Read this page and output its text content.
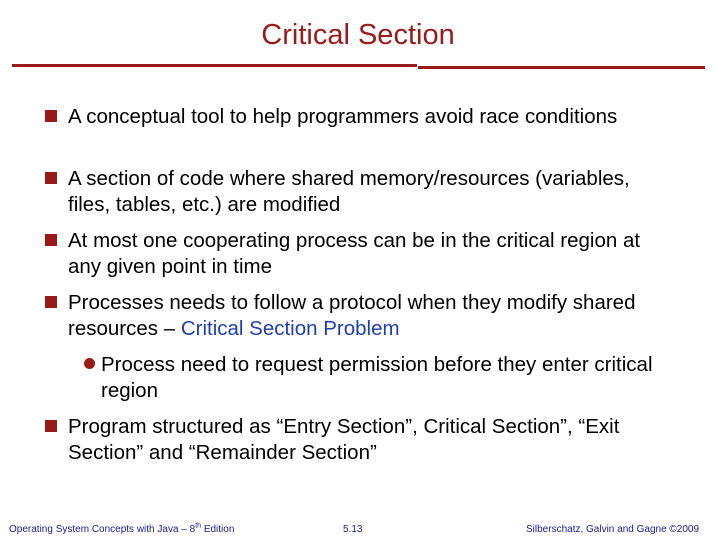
Critical Section
A conceptual tool to help programmers avoid race conditions
A section of code where shared memory/resources (variables, files, tables, etc.) are modified
At most one cooperating process can be in the critical region at any given point in time
Processes needs to follow a protocol when they modify shared resources – Critical Section Problem
Process need to request permission before they enter critical region
Program structured as “Entry Section”, Critical Section”, “Exit Section” and “Remainder Section”
Operating System Concepts with Java – 8th Edition	5.13	Silberschatz, Galvin and Gagne ©2009
